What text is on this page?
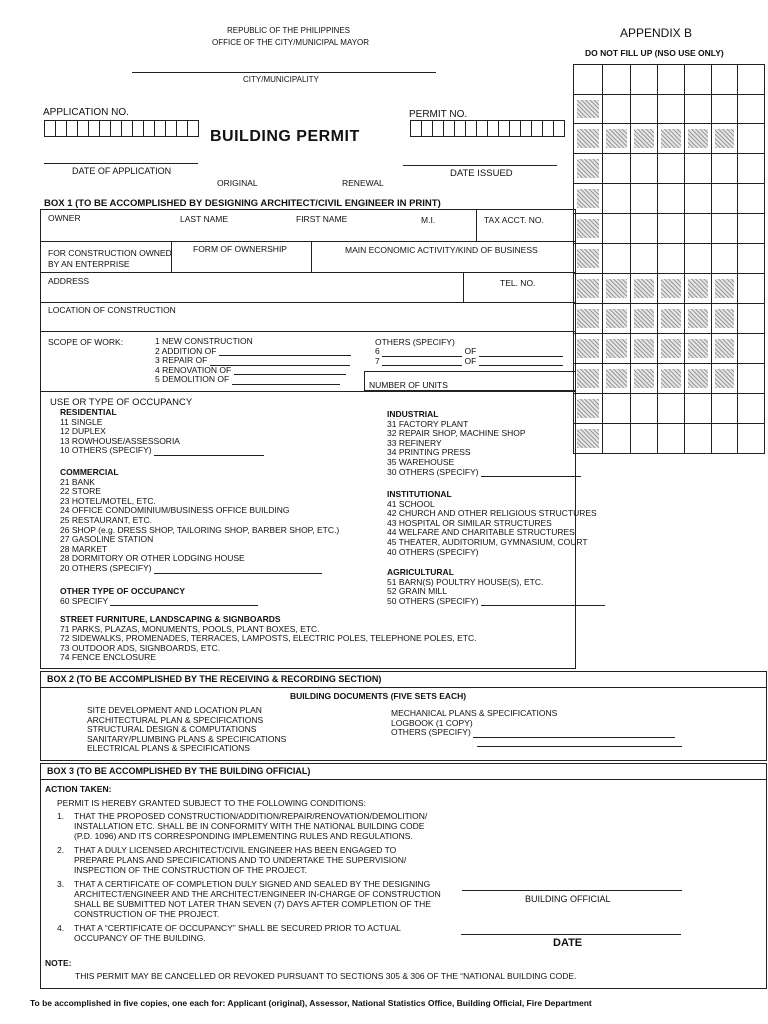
REPUBLIC OF THE PHILIPPINES
OFFICE OF THE CITY/MUNICIPAL MAYOR
CITY/MUNICIPALITY
APPENDIX B
DO NOT FILL UP (NSO USE ONLY)
APPLICATION NO.
BUILDING PERMIT
PERMIT NO.
DATE OF APPLICATION
ORIGINAL	RENEWAL
DATE ISSUED
BOX 1 (TO BE ACCOMPLISHED BY DESIGNING ARCHITECT/CIVIL ENGINEER IN PRINT)
OWNER	LAST NAME	FIRST NAME	M.I.	TAX ACCT. NO.
FOR CONSTRUCTION OWNED
BY AN ENTERPRISE
FORM OF OWNERSHIP	MAIN ECONOMIC ACTIVITY/KIND OF BUSINESS
ADDRESS	TEL. NO.
LOCATION OF CONSTRUCTION
SCOPE OF WORK:	1 NEW CONSTRUCTION
2 ADDITION OF
3 REPAIR OF
4 RENOVATION OF
5 DEMOLITION OF
OTHERS (SPECIFY)
6	OF
7	OF
NUMBER OF UNITS
USE OR TYPE OF OCCUPANCY
RESIDENTIAL
11 SINGLE
12 DUPLEX
13 ROWHOUSE/ASSESSORIA
10 OTHERS (SPECIFY)
COMMERCIAL
21 BANK
22 STORE
23 HOTEL/MOTEL, ETC.
24 OFFICE CONDOMINIUM/BUSINESS OFFICE BUILDING
25 RESTAURANT, ETC.
26 SHOP (e.g. DRESS SHOP, TAILORING SHOP, BARBER SHOP, ETC.)
27 GASOLINE STATION
28 MARKET
28 DORMITORY OR OTHER LODGING HOUSE
20 OTHERS (SPECIFY)
OTHER TYPE OF OCCUPANCY
60 SPECIFY
STREET FURNITURE, LANDSCAPING & SIGNBOARDS
71 PARKS, PLAZAS, MONUMENTS, POOLS, PLANT BOXES, ETC.
72 SIDEWALKS, PROMENADES, TERRACES, LAMPOSTS, ELECTRIC POLES, TELEPHONE POLES, ETC.
73 OUTDOOR ADS, SIGNBOARDS, ETC.
74 FENCE ENCLOSURE
INDUSTRIAL
31 FACTORY PLANT
32 REPAIR SHOP, MACHINE SHOP
33 REFINERY
34 PRINTING PRESS
35 WAREHOUSE
30 OTHERS (SPECIFY)
INSTITUTIONAL
41 SCHOOL
42 CHURCH AND OTHER RELIGIOUS STRUCTURES
43 HOSPITAL OR SIMILAR STRUCTURES
44 WELFARE AND CHARITABLE STRUCTURES
45 THEATER, AUDITORIUM, GYMNASIUM, COURT
40 OTHERS (SPECIFY)
AGRICULTURAL
51 BARN(S) POULTRY HOUSE(S), ETC.
52 GRAIN MILL
50 OTHERS (SPECIFY)
BOX 2 (TO BE ACCOMPLISHED BY THE RECEIVING & RECORDING SECTION)
BUILDING DOCUMENTS (FIVE SETS EACH)
SITE DEVELOPMENT AND LOCATION PLAN
ARCHITECTURAL PLAN & SPECIFICATIONS
STRUCTURAL DESIGN & COMPUTATIONS
SANITARY/PLUMBING PLANS & SPECIFICATIONS
ELECTRICAL PLANS & SPECIFICATIONS
MECHANICAL PLANS & SPECIFICATIONS
LOGBOOK (1 COPY)
OTHERS (SPECIFY)
BOX 3 (TO BE ACCOMPLISHED BY THE BUILDING OFFICIAL)
ACTION TAKEN:
PERMIT IS HEREBY GRANTED SUBJECT TO THE FOLLOWING CONDITIONS:
1. THAT THE PROPOSED CONSTRUCTION/ADDITION/REPAIR/RENOVATION/DEMOLITION/
INSTALLATION ETC. SHALL BE IN CONFORMITY WITH THE NATIONAL BUILDING CODE
(P.D. 1096) AND ITS CORRESPONDING IMPLEMENTING RULES AND REGULATIONS.
2. THAT A DULY LICENSED ARCHITECT/CIVIL ENGINEER HAS BEEN ENGAGED TO
PREPARE PLANS AND SPECIFICATIONS AND TO UNDERTAKE THE SUPERVISION/
INSPECTION OF THE CONSTRUCTION OF THE PROJECT.
3. THAT A CERTIFICATE OF COMPLETION DULY SIGNED AND SEALED BY THE DESIGNING
ARCHITECT/ENGINEER AND THE ARCHITECT/ENGINEER IN-CHARGE OF CONSTRUCTION
SHALL BE SUBMITTED NOT LATER THAN SEVEN (7) DAYS AFTER COMPLETION OF THE
CONSTRUCTION OF THE PROJECT.
4. THAT A “CERTIFICATE OF OCCUPANCY” SHALL BE SECURED PRIOR TO ACTUAL
OCCUPANCY OF THE BUILDING.
BUILDING OFFICIAL
DATE
NOTE:
THIS PERMIT MAY BE CANCELLED OR REVOKED PURSUANT TO SECTIONS 305 & 306 OF THE “NATIONAL BUILDING CODE.
To be accomplished in five copies, one each for: Applicant (original), Assessor, National Statistics Office, Building Official, Fire Department
